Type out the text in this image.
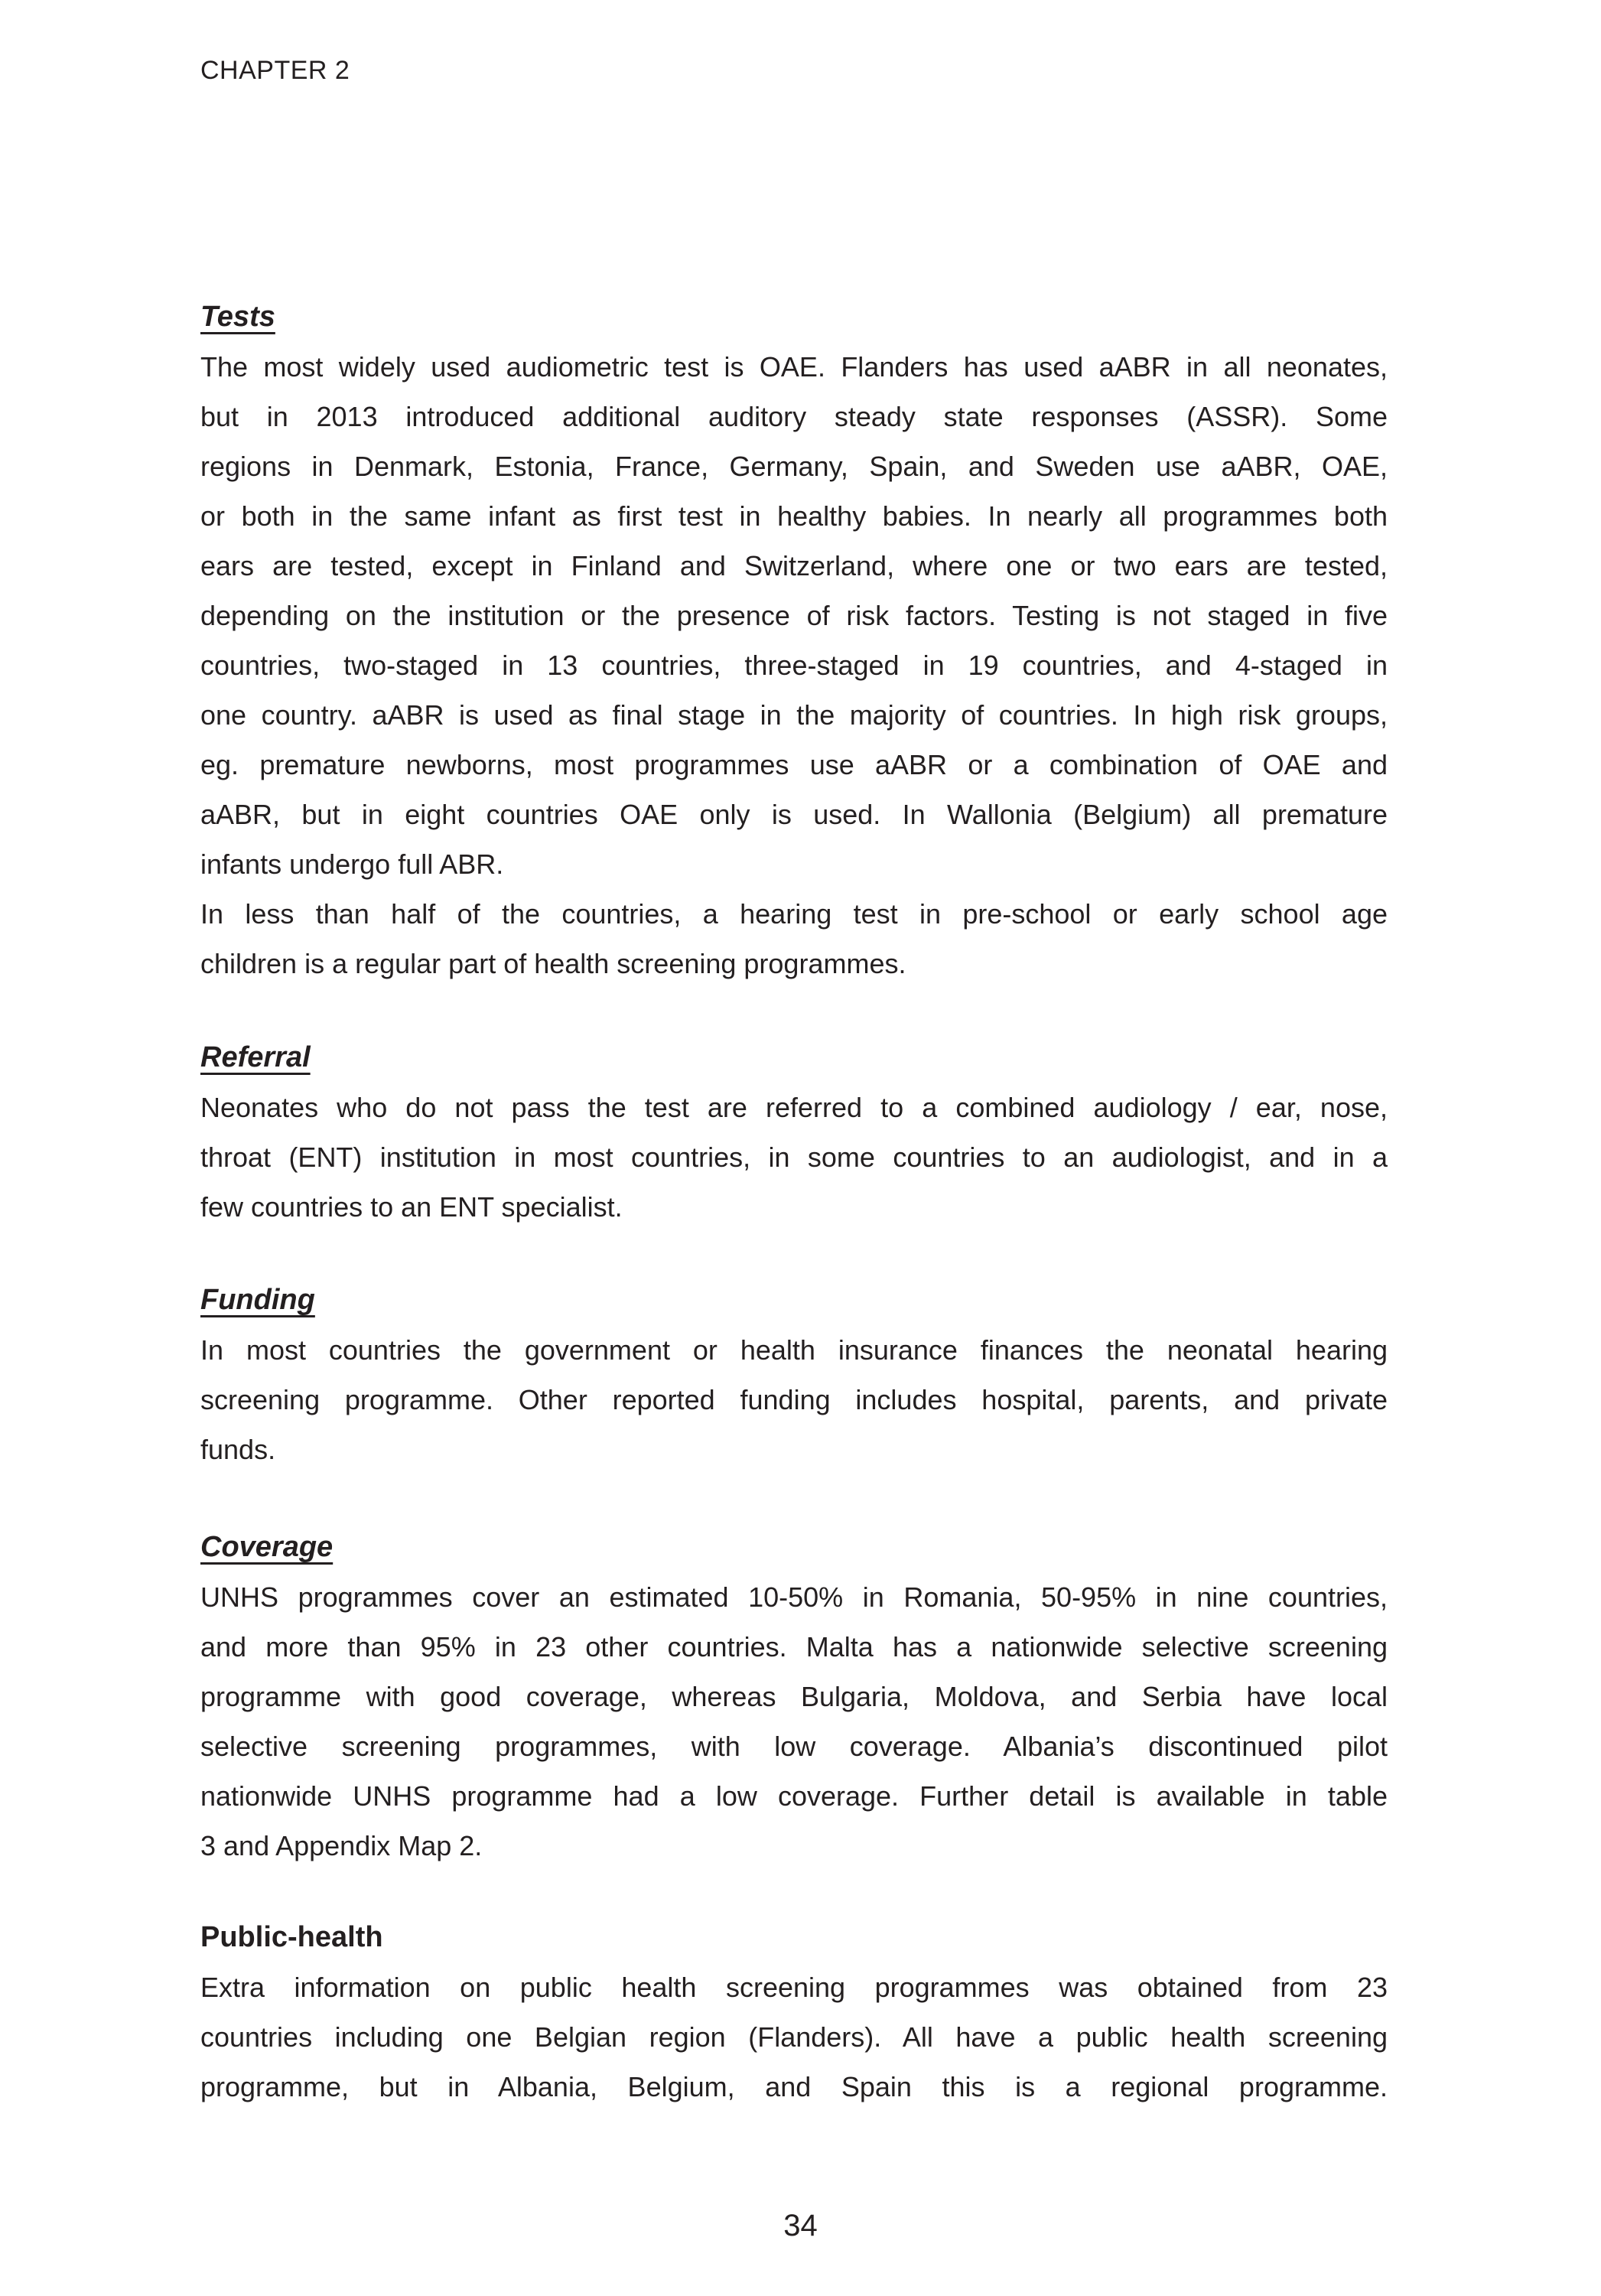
CHAPTER 2
Tests
The most widely used audiometric test is OAE. Flanders has used aABR in all neonates,
but in 2013 introduced additional auditory steady state responses (ASSR). Some
regions in Denmark, Estonia, France, Germany, Spain, and Sweden use aABR, OAE,
or both in the same infant as first test in healthy babies. In nearly all programmes both
ears are tested, except in Finland and Switzerland, where one or two ears are tested,
depending on the institution or the presence of risk factors. Testing is not staged in five
countries, two-staged in 13 countries, three-staged in 19 countries, and 4-staged in
one country. aABR is used as final stage in the majority of countries. In high risk groups,
eg. premature newborns, most programmes use aABR or a combination of OAE and
aABR, but in eight countries OAE only is used. In Wallonia (Belgium) all premature
infants undergo full ABR.
In less than half of the countries, a hearing test in pre-school or early school age
children is a regular part of health screening programmes.
Referral
Neonates who do not pass the test are referred to a combined audiology / ear, nose,
throat (ENT) institution in most countries, in some countries to an audiologist, and in a
few countries to an ENT specialist.
Funding
In most countries the government or health insurance finances the neonatal hearing
screening programme. Other reported funding includes hospital, parents, and private
funds.
Coverage
UNHS programmes cover an estimated 10-50% in Romania, 50-95% in nine countries,
and more than 95% in 23 other countries. Malta has a nationwide selective screening
programme with good coverage, whereas Bulgaria, Moldova, and Serbia have local
selective screening programmes, with low coverage. Albania’s discontinued pilot
nationwide UNHS programme had a low coverage. Further detail is available in table
3 and Appendix Map 2.
Public-health
Extra information on public health screening programmes was obtained from 23
countries including one Belgian region (Flanders). All have a public health screening
programme, but in Albania, Belgium, and Spain this is a regional programme.
34
